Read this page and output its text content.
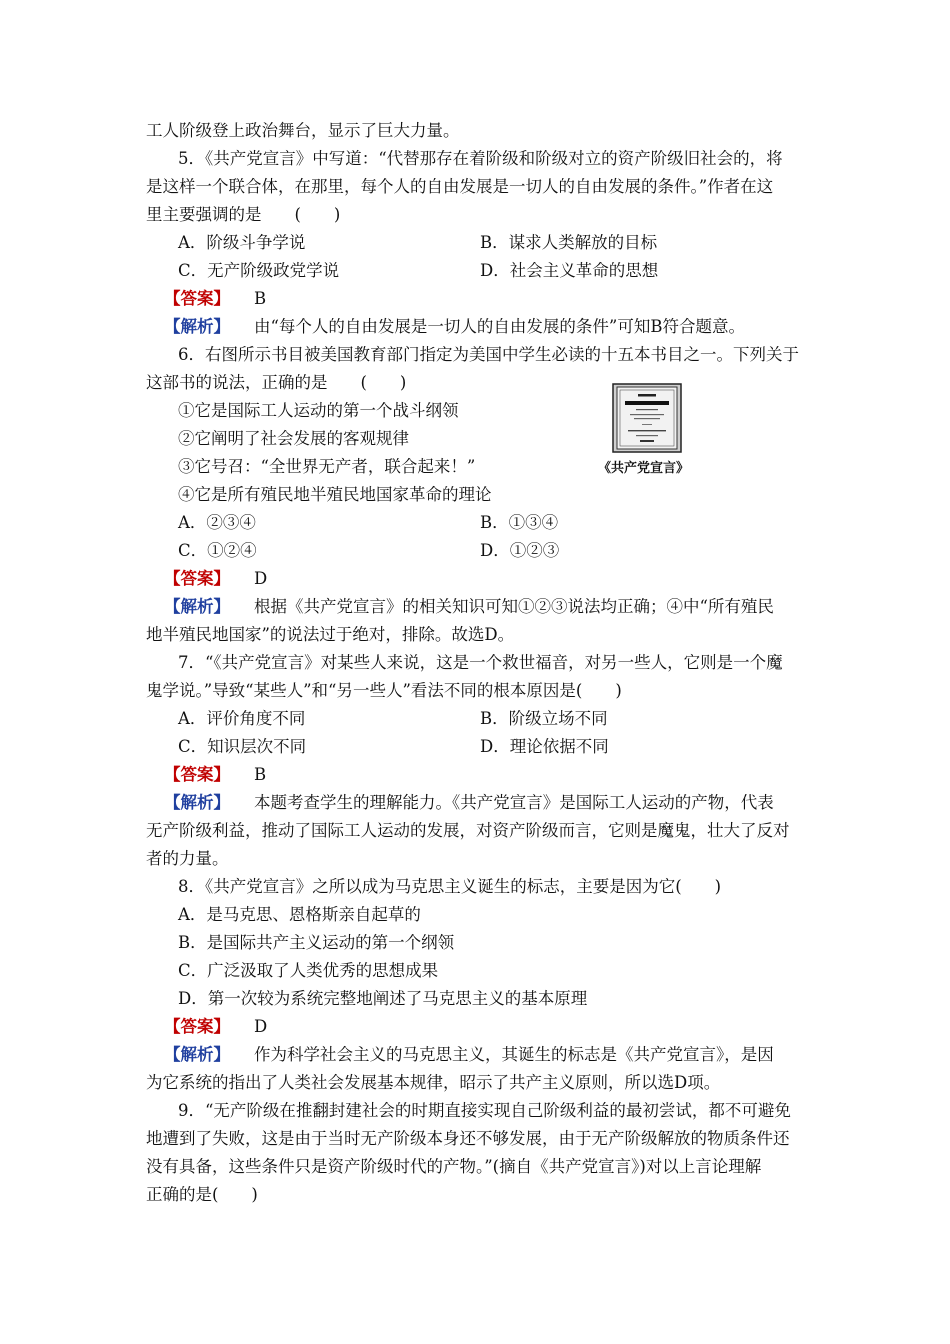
工人阶级登上政治舞台，显示了巨大力量。
5．《共产党宣言》中写道：“代替那存在着阶级和阶级对立的资产阶级旧社会的，将
是这样一个联合体，在那里，每个人的自由发展是一切人的自由发展的条件。”作者在这
里主要强调的是　　(　　)
A．阶级斗争学说	B．谋求人类解放的目标
C．无产阶级政党学说	D．社会主义革命的思想
【答案】 B
【解析】 由“每个人的自由发展是一切人的自由发展的条件”可知B符合题意。
6．右图所示书目被美国教育部门指定为美国中学生必读的十五本书目之一。下列关于
这部书的说法，正确的是　　(　　)
①它是国际工人运动的第一个战斗纲领
②它阐明了社会发展的客观规律
③它号召：“全世界无产者，联合起来！”
④它是所有殖民地半殖民地国家革命的理论
《共产党宣言》
A．②③④	B．①③④
C．①②④	D．①②③
【答案】 D
【解析】 根据《共产党宣言》的相关知识可知①②③说法均正确；④中“所有殖民
地半殖民地国家”的说法过于绝对，排除。故选D。
7．“《共产党宣言》对某些人来说，这是一个救世福音，对另一些人，它则是一个魔
鬼学说。”导致“某些人”和“另一些人”看法不同的根本原因是(　　)
A．评价角度不同	B．阶级立场不同
C．知识层次不同	D．理论依据不同
【答案】 B
【解析】 本题考查学生的理解能力。《共产党宣言》是国际工人运动的产物，代表
无产阶级利益，推动了国际工人运动的发展，对资产阶级而言，它则是魔鬼，壮大了反对
者的力量。
8．《共产党宣言》之所以成为马克思主义诞生的标志，主要是因为它(　　)
A．是马克思、恩格斯亲自起草的
B．是国际共产主义运动的第一个纲领
C．广泛汲取了人类优秀的思想成果
D．第一次较为系统完整地阐述了马克思主义的基本原理
【答案】 D
【解析】 作为科学社会主义的马克思主义，其诞生的标志是《共产党宣言》，是因
为它系统的指出了人类社会发展基本规律，昭示了共产主义原则，所以选D项。
9．“无产阶级在推翻封建社会的时期直接实现自己阶级利益的最初尝试，都不可避免
地遭到了失败，这是由于当时无产阶级本身还不够发展，由于无产阶级解放的物质条件还
没有具备，这些条件只是资产阶级时代的产物。”(摘自《共产党宣言》)对以上言论理解
正确的是(　　)
